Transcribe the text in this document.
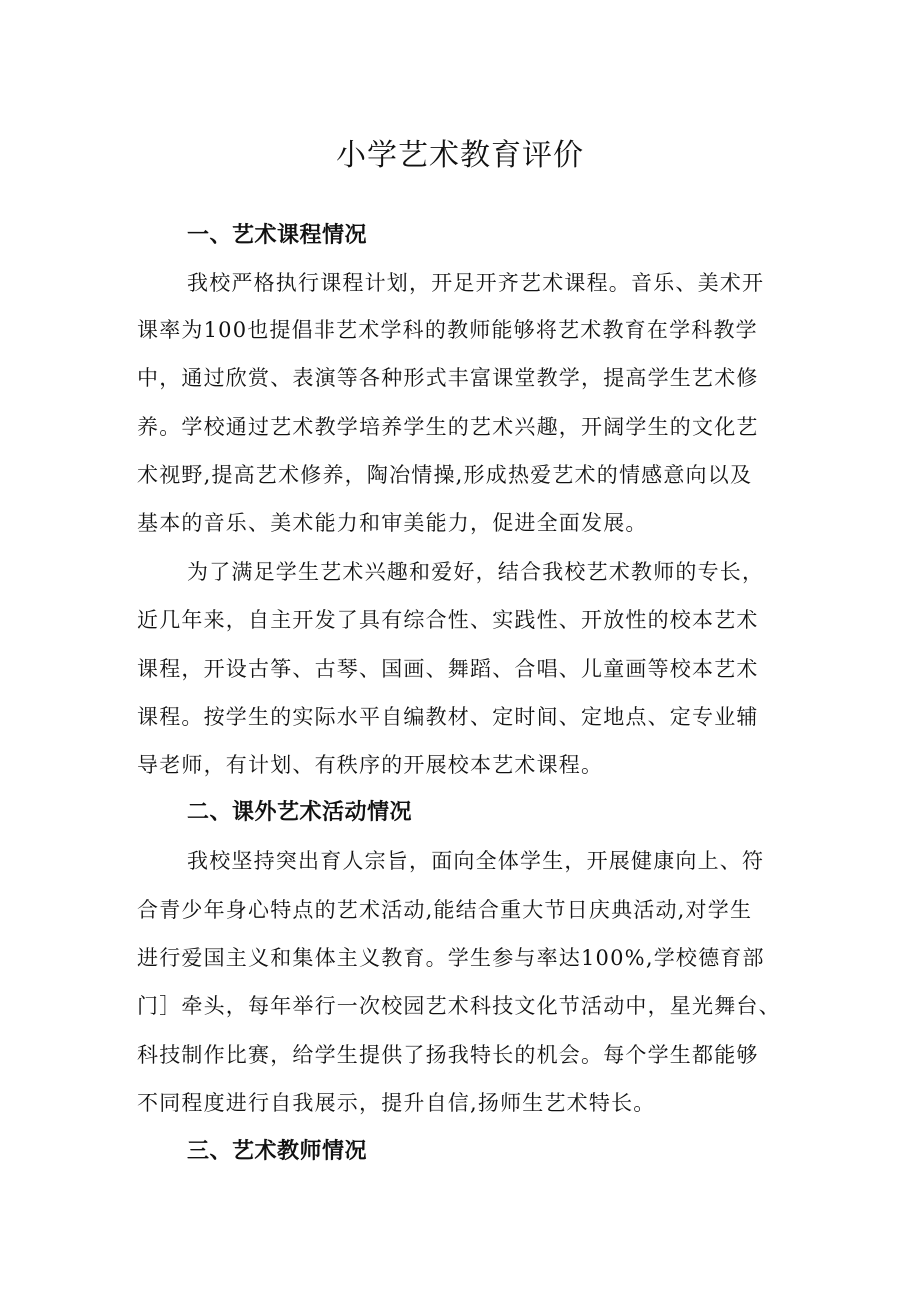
小学艺术教育评价
一、艺术课程情况
我校严格执行课程计划，开足开齐艺术课程。音乐、美术开
课率为100也提倡非艺术学科的教师能够将艺术教育在学科教学
中，通过欣赏、表演等各种形式丰富课堂教学，提高学生艺术修
养。学校通过艺术教学培养学生的艺术兴趣，开阔学生的文化艺
术视野,提高艺术修养，陶冶情操,形成热爱艺术的情感意向以及
基本的音乐、美术能力和审美能力，促进全面发展。
为了满足学生艺术兴趣和爱好，结合我校艺术教师的专长，
近几年来，自主开发了具有综合性、实践性、开放性的校本艺术
课程，开设古筝、古琴、国画、舞蹈、合唱、儿童画等校本艺术
课程。按学生的实际水平自编教材、定时间、定地点、定专业辅
导老师，有计划、有秩序的开展校本艺术课程。
二、课外艺术活动情况
我校坚持突出育人宗旨，面向全体学生，开展健康向上、符
合青少年身心特点的艺术活动,能结合重大节日庆典活动,对学生
进行爱国主义和集体主义教育。学生参与率达100%,学校德育部
门］牵头，每年举行一次校园艺术科技文化节活动中，星光舞台、
科技制作比赛，给学生提供了扬我特长的机会。每个学生都能够
不同程度进行自我展示，提升自信,扬师生艺术特长。
三、艺术教师情况
